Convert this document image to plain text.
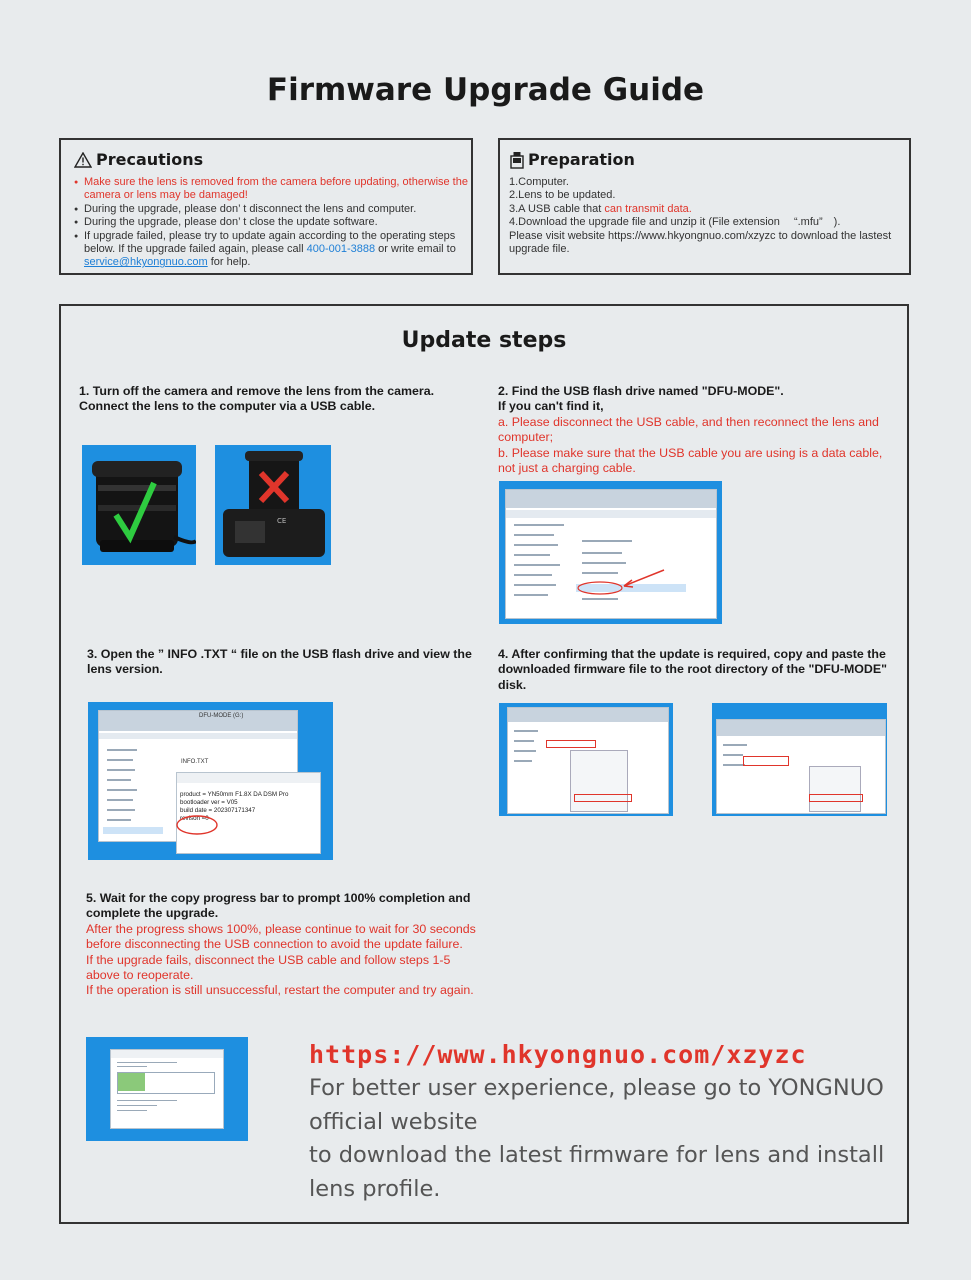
Firmware Upgrade Guide
Precautions
● Make sure the lens is removed from the camera before updating, otherwise the camera or lens may be damaged!
● During the upgrade, please don’ t disconnect the lens and computer.
● During the upgrade, please don’ t close the update software.
● If upgrade failed, please try to update again according to the operating steps below. If the upgrade failed again, please call 400-001-3888 or write email to service@hkyongnuo.com for help.
Preparation
1.Computer.
2.Lens to be updated.
3.A USB cable that can transmit data.
4.Download the upgrade file and unzip it (File extension 　“.mfu”　).
Please visit website https://www.hkyongnuo.com/xzyzc to download the lastest upgrade file.
Update steps
1. Turn off the camera and remove the lens from the camera. Connect the lens to the computer via a USB cable.
CE
2. Find the USB flash drive named "DFU-MODE".
If you can't find it,
a. Please disconnect the USB cable, and then reconnect the lens and computer;
b. Please make sure that the USB cable you are using is a data cable, not just a charging cable.
3. Open the ” INFO .TXT “ file on the USB flash drive and view the lens version.
DFU-MODE (G:)
INFO.TXT
product = YN50mm F1.8X DA DSM Pro
bootloader ver = V05
build date = 202307171347
revison =0
4. After confirming that the update is required, copy and paste the downloaded firmware file to the root directory of the "DFU-MODE" disk.
5. Wait for the copy progress bar to prompt 100% completion and complete the upgrade.
After the progress shows 100%, please continue to wait for 30 seconds before disconnecting the USB connection to avoid the update failure.
If the upgrade fails, disconnect the USB cable and follow steps 1-5 above to reoperate.
If the operation is still unsuccessful, restart the computer and try again.
https://www.hkyongnuo.com/xzyzc
For better user experience, please go to YONGNUO official website
to download the latest firmware for lens and install lens profile.
